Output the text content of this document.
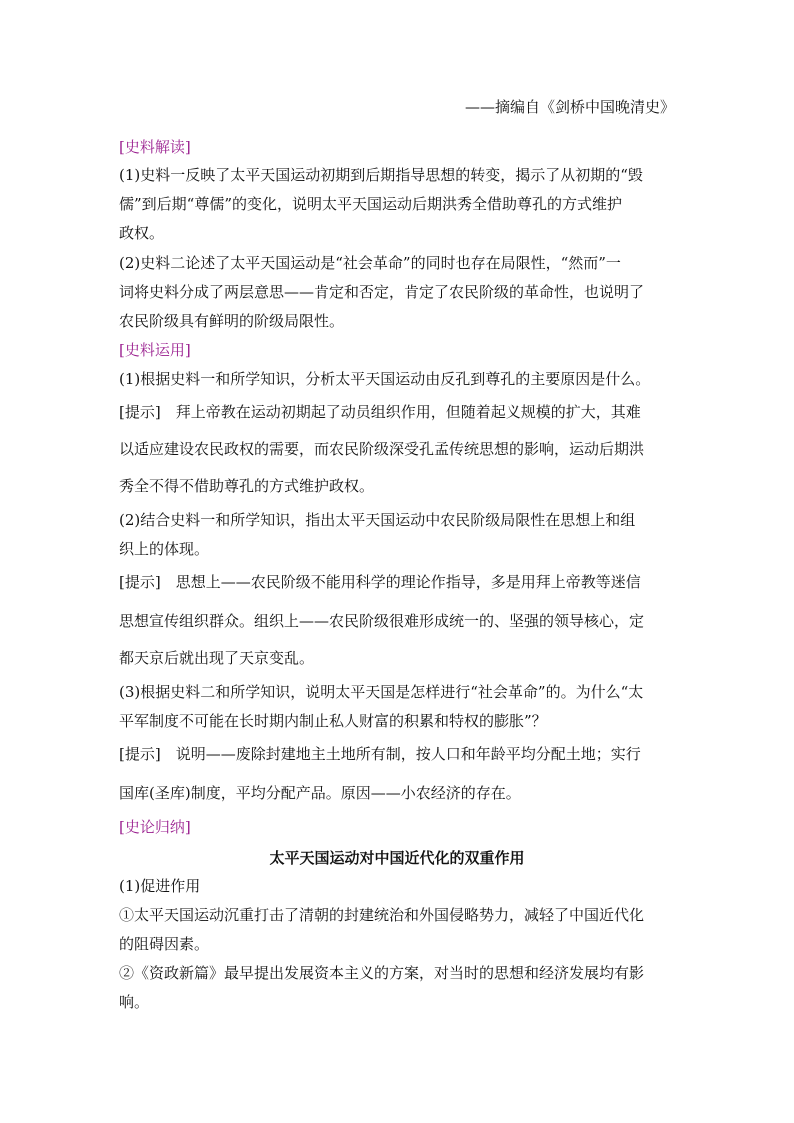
——摘编自《剑桥中国晚清史》
[史料解读]
(1)史料一反映了太平天国运动初期到后期指导思想的转变，揭示了从初期的“毁
儒”到后期“尊儒”的变化，说明太平天国运动后期洪秀全借助尊孔的方式维护
政权。
(2)史料二论述了太平天国运动是“社会革命”的同时也存在局限性，“然而”一
词将史料分成了两层意思——肯定和否定，肯定了农民阶级的革命性，也说明了
农民阶级具有鲜明的阶级局限性。
[史料运用]
(1)根据史料一和所学知识，分析太平天国运动由反孔到尊孔的主要原因是什么。
[提示]　拜上帝教在运动初期起了动员组织作用，但随着起义规模的扩大，其难
以适应建设农民政权的需要，而农民阶级深受孔孟传统思想的影响，运动后期洪
秀全不得不借助尊孔的方式维护政权。
(2)结合史料一和所学知识，指出太平天国运动中农民阶级局限性在思想上和组
织上的体现。
[提示]　思想上——农民阶级不能用科学的理论作指导，多是用拜上帝教等迷信
思想宣传组织群众。组织上——农民阶级很难形成统一的、坚强的领导核心，定
都天京后就出现了天京变乱。
(3)根据史料二和所学知识，说明太平天国是怎样进行“社会革命”的。为什么“太
平军制度不可能在长时期内制止私人财富的积累和特权的膨胀”？
[提示]　说明——废除封建地主土地所有制，按人口和年龄平均分配土地；实行
国库(圣库)制度，平均分配产品。原因——小农经济的存在。
[史论归纳]
太平天国运动对中国近代化的双重作用
(1)促进作用
①太平天国运动沉重打击了清朝的封建统治和外国侵略势力，减轻了中国近代化
的阻碍因素。
②《资政新篇》最早提出发展资本主义的方案，对当时的思想和经济发展均有影
响。
